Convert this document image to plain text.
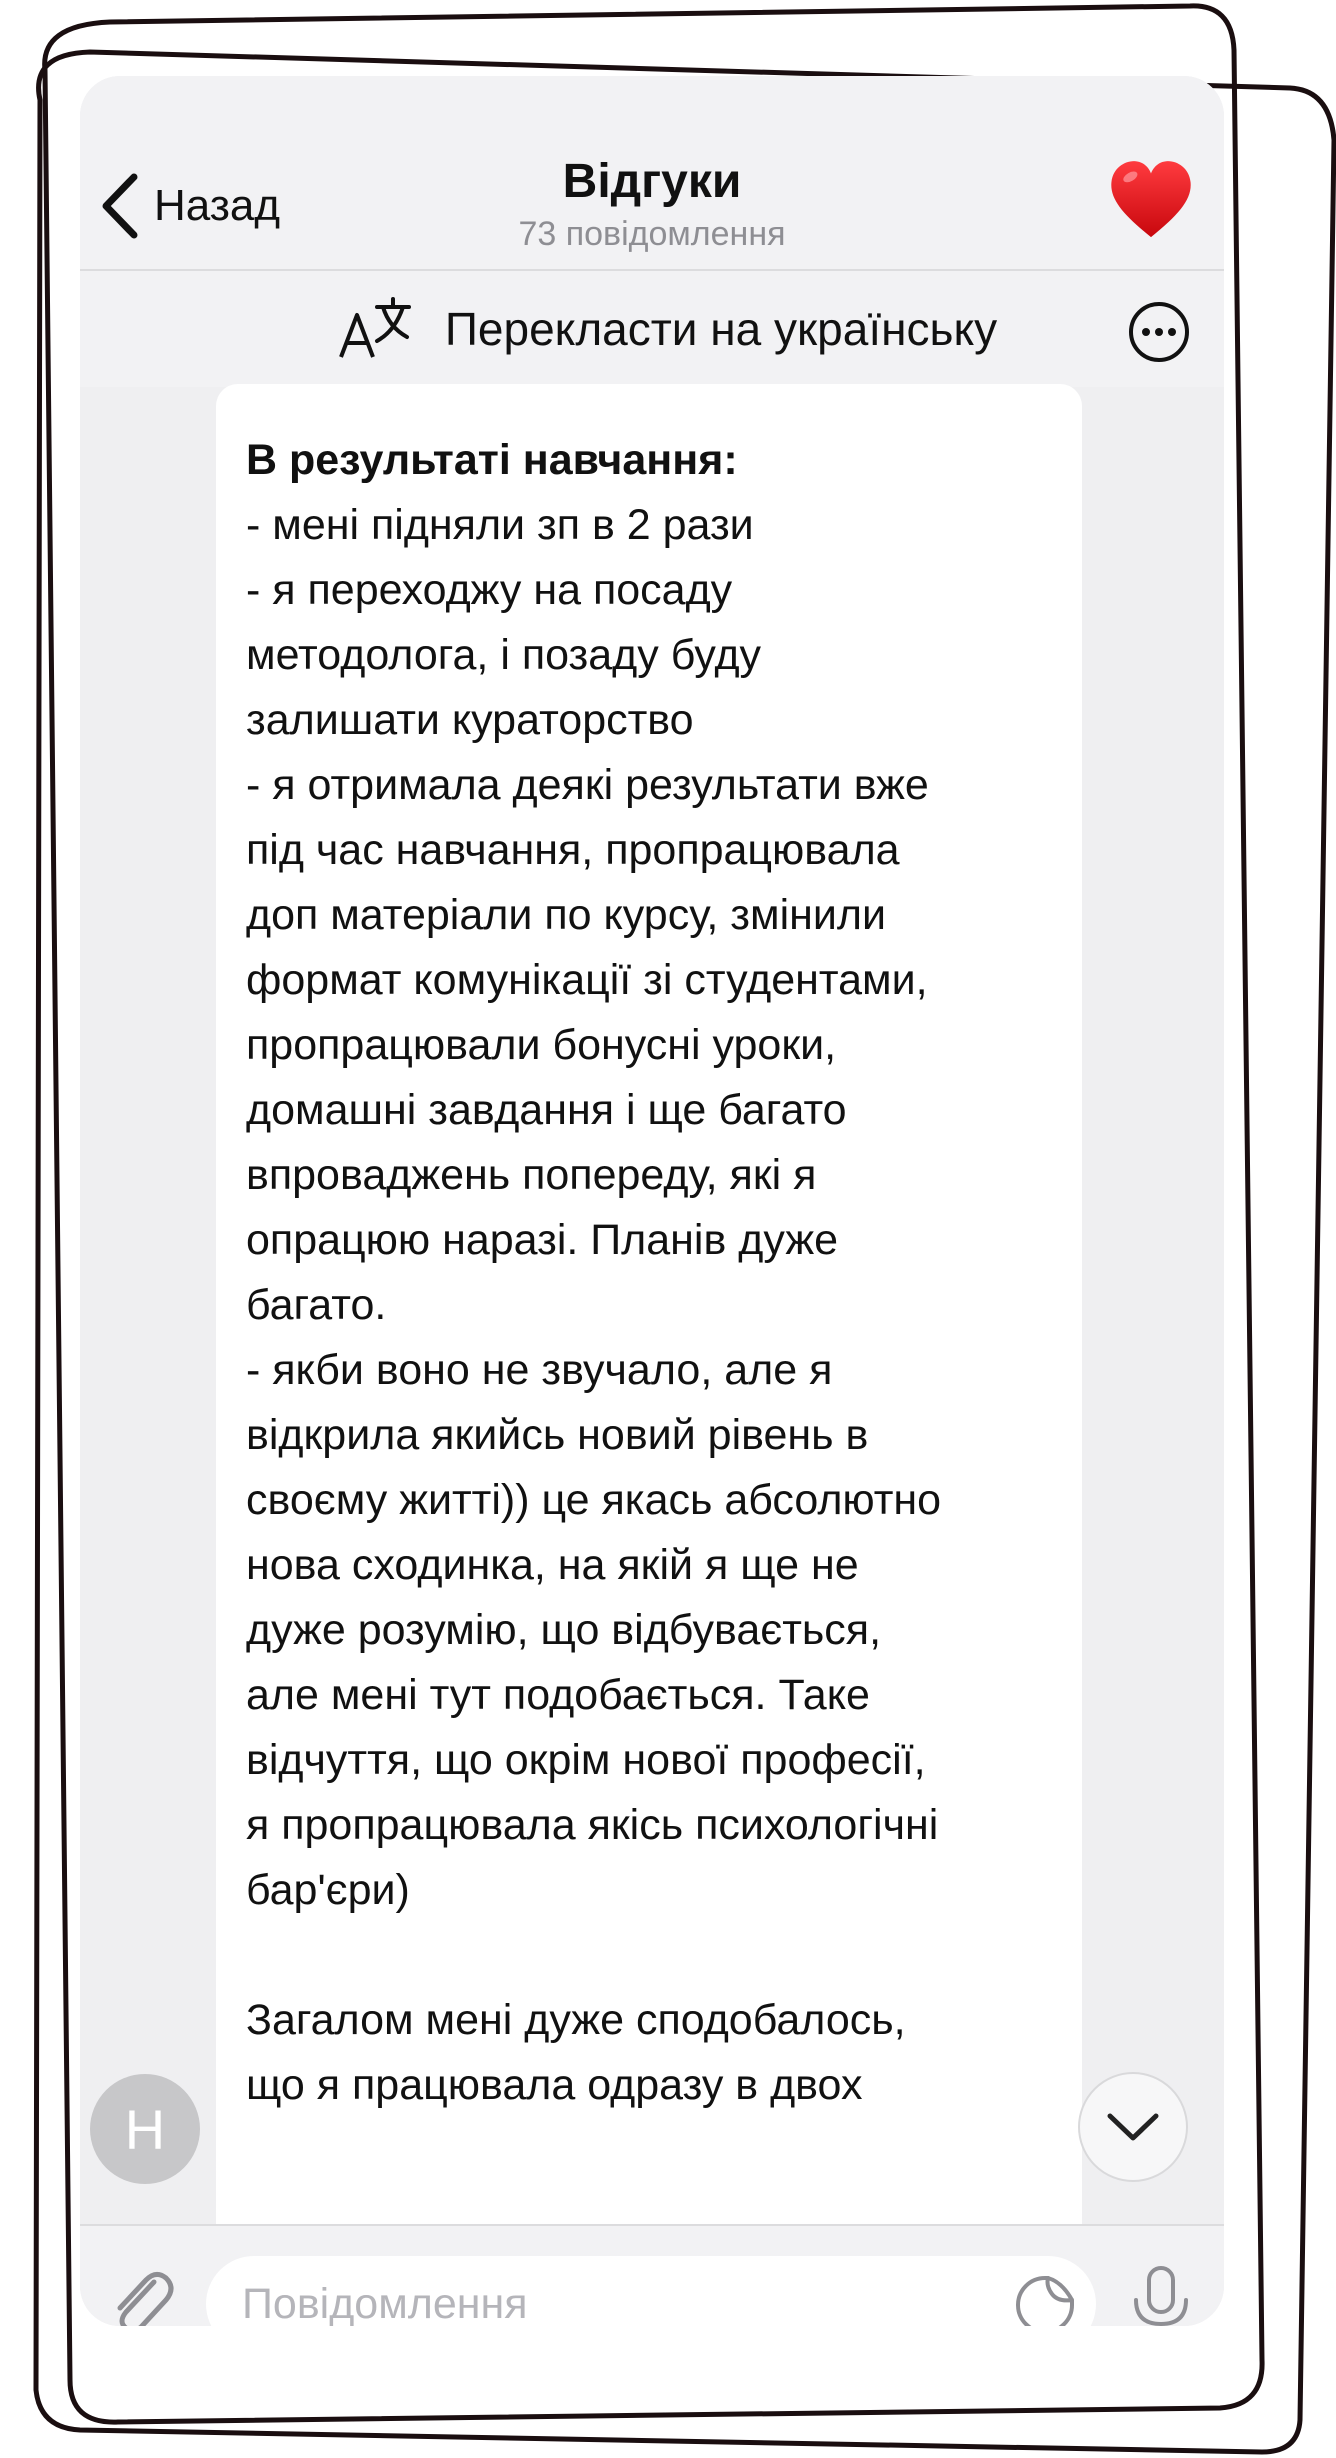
Назад	Відгуки
73 повідомлення
Перекласти на українську
В результаті навчання:
- мені підняли зп в 2 рази
- я переходжу на посаду
методолога, і позаду буду
залишати кураторство
- я отримала деякі результати вже
під час навчання, пропрацювала
доп матеріали по курсу, змінили
формат комунікації зі студентами,
пропрацювали бонусні уроки,
домашні завдання і ще багато
впроваджень попереду, які я
опрацюю наразі. Планів дуже
багато.
- якби воно не звучало, але я
відкрила якийсь новий рівень в
своєму житті)) це якась абсолютно
нова сходинка, на якій я ще не
дуже розумію, що відбувається,
але мені тут подобається. Таке
відчуття, що окрім нової професії,
я пропрацювала якісь психологічні
бар'єри)

Загалом мені дуже сподобалось,
що я працювала одразу в двох
Н
Повідомлення
